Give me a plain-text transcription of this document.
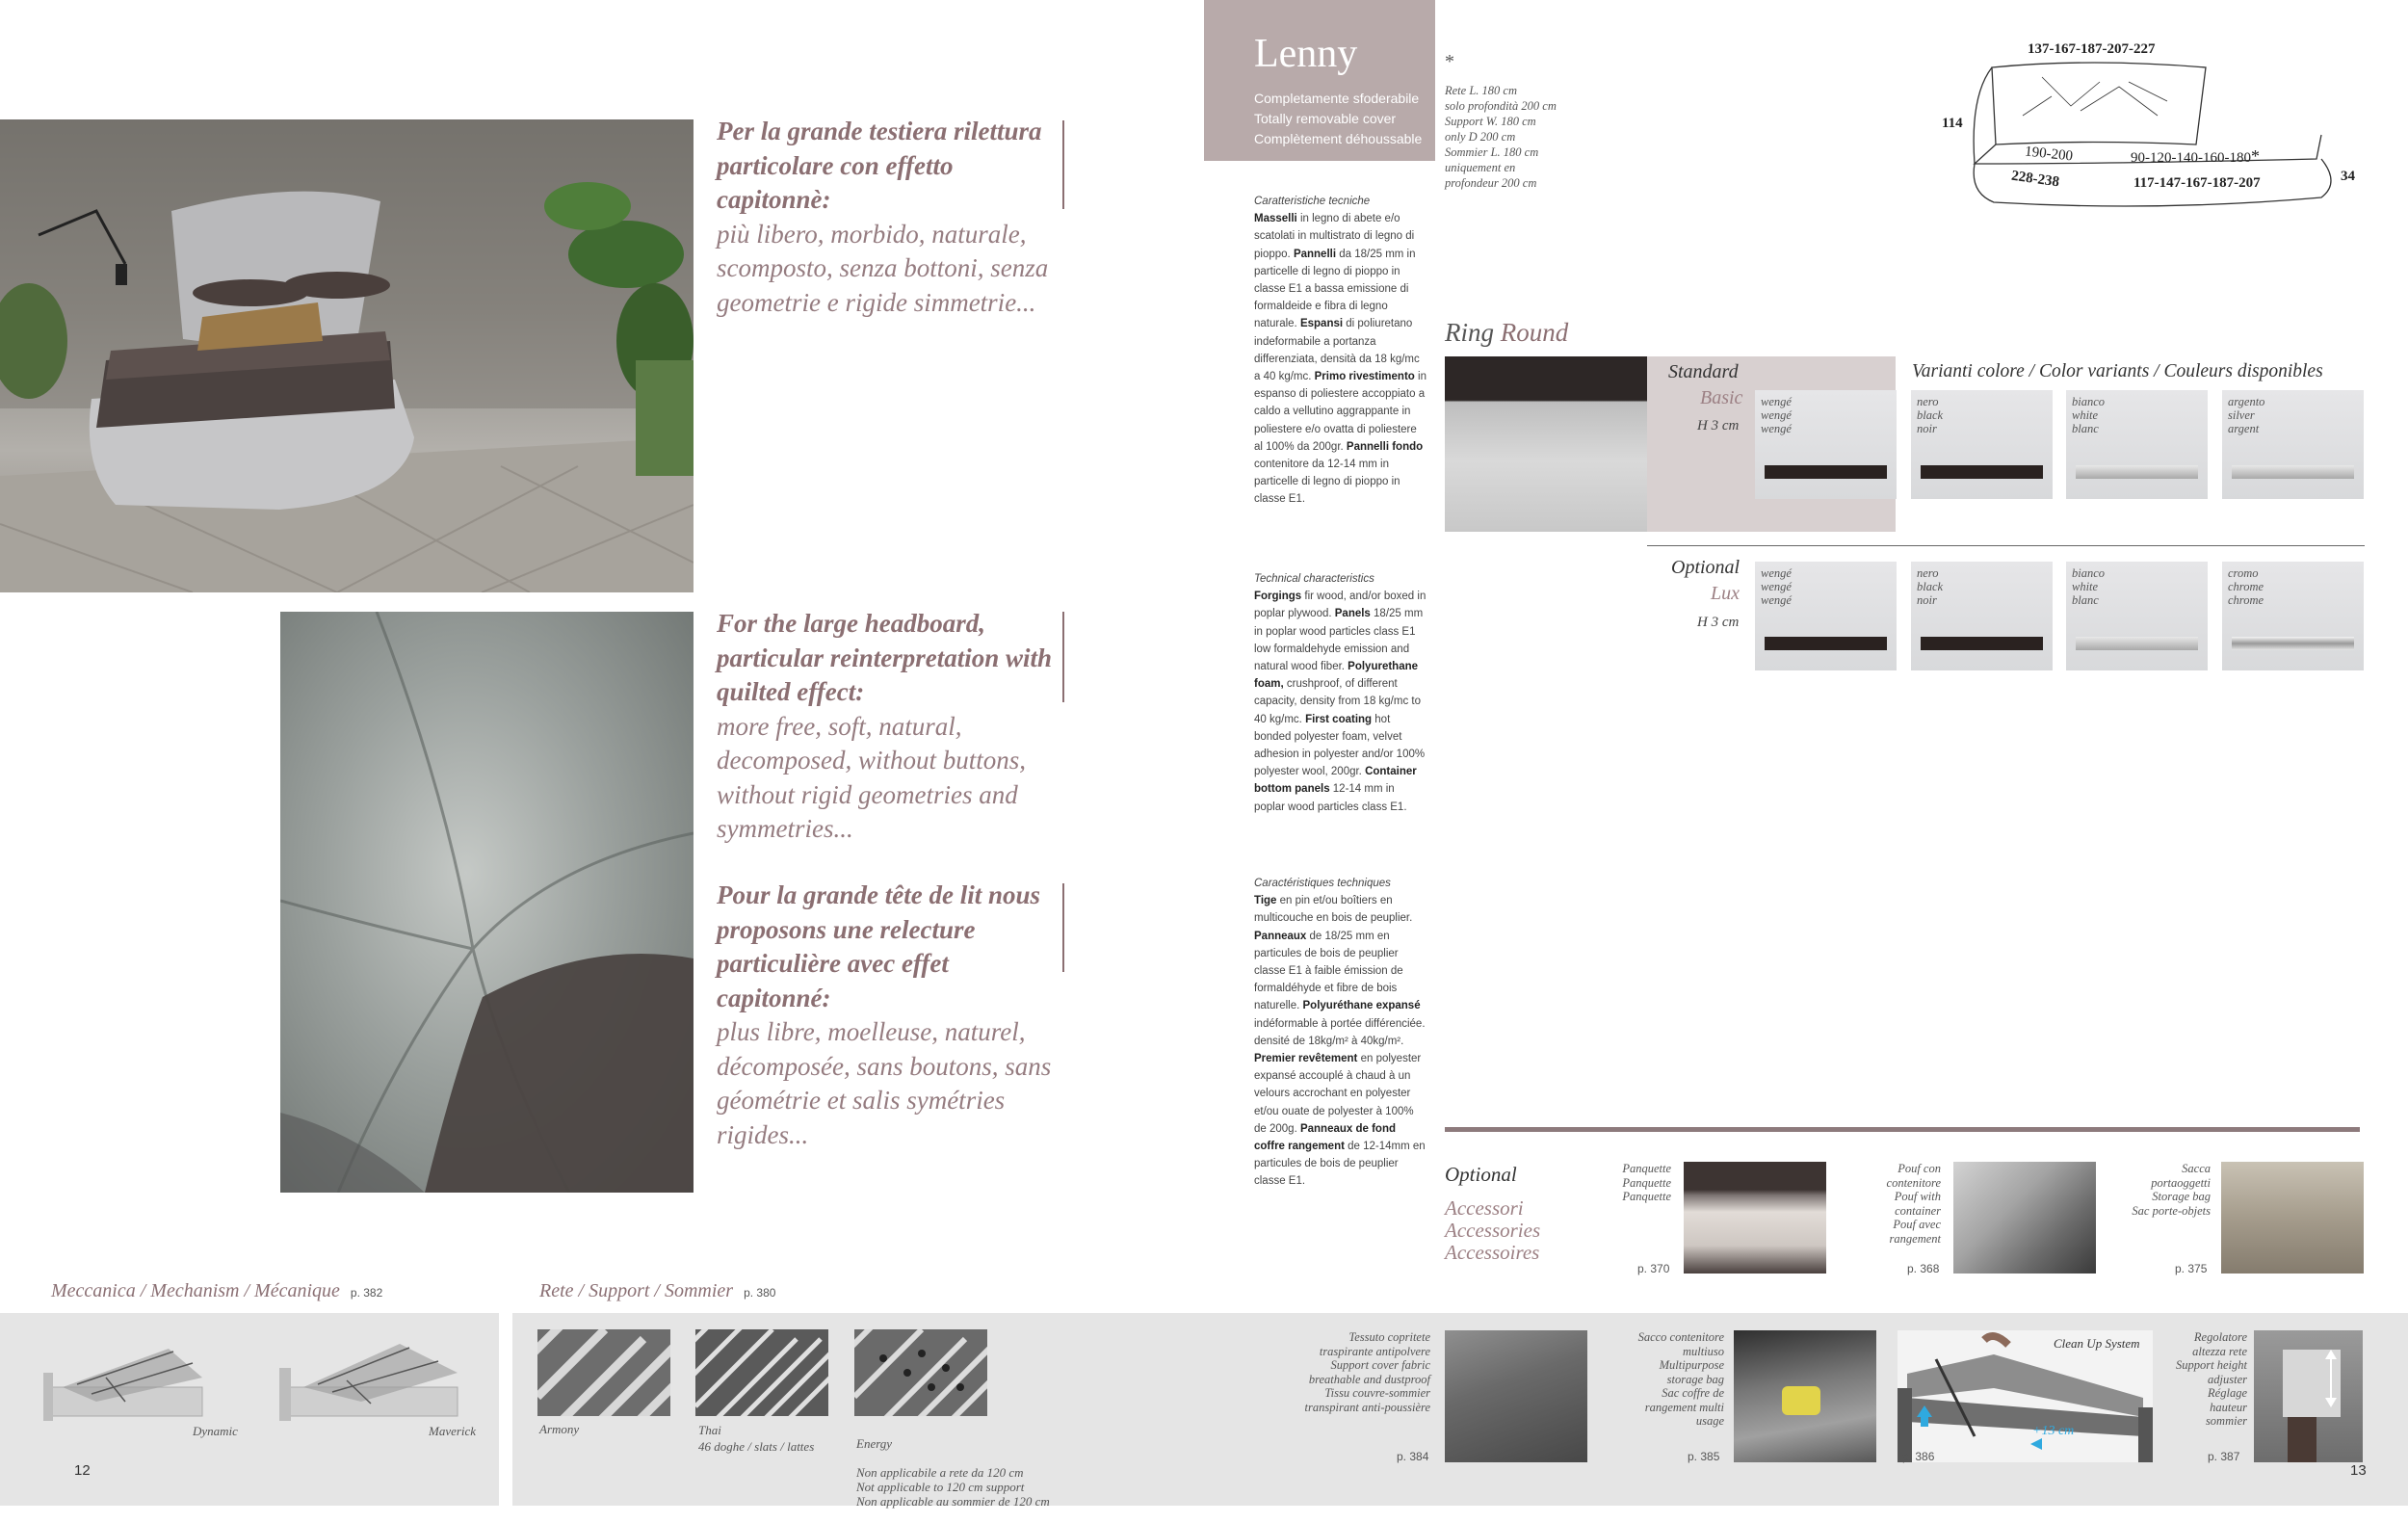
Per la grande testiera rilettura particolare con effetto capitonnè:
più libero, morbido, naturale, scomposto, senza bottoni, senza geometrie e rigide simmetrie...
For the large headboard, particular reinterpretation with quilted effect:
more free, soft, natural, decomposed, without buttons, without rigid geometries and symmetries...
Pour la grande tête de lit nous proposons une relecture particulière avec effet capitonné:
plus libre, moelleuse, naturel, décomposée, sans boutons, sans géométrie et salis symétries rigides...
Meccanica / Mechanism / Mécanique p. 382	Rete / Support / Sommier p. 380
Dynamic	Maverick
12
Armony	Thai
46 doghe / slats / lattes	Energy

Non applicabile a rete da 120 cm
Not applicable to 120 cm support
Non applicable au sommier de 120 cm

Lenny
Completamente sfoderabile
Totally removable cover
Complètement déhoussable

*

Rete L. 180 cm
solo profondità 200 cm
Support W. 180 cm
only D 200 cm
Sommier L. 180 cm
uniquement en
profondeur 200 cm

137-167-187-207-227
114
190-200	90-120-140-160-180*
228-238	117-147-167-187-207	34
Caratteristiche tecniche
Masselli in legno di abete e/o scatolati in multistrato di legno di pioppo. Pannelli da 18/25 mm in particelle di legno di pioppo in classe E1 a bassa emissione di formaldeide e fibra di legno naturale. Espansi di poliuretano indeformabile a portanza differenziata, densità da 18 kg/mc a 40 kg/mc. Primo rivestimento in espanso di poliestere accoppiato a caldo a vellutino aggrappante in poliestere e/o ovatta di poliestere al 100% da 200gr. Pannelli fondo contenitore da 12-14 mm in particelle di legno di pioppo in classe E1.
Technical characteristics
Forgings fir wood, and/or boxed in poplar plywood. Panels 18/25 mm in poplar wood particles class E1 low formaldehyde emission and natural wood fiber. Polyurethane foam, crushproof, of different capacity, density from 18 kg/mc to 40 kg/mc. First coating hot bonded polyester foam, velvet adhesion in polyester and/or 100% polyester wool, 200gr. Container bottom panels 12-14 mm in poplar wood particles class E1.
Caractéristiques techniques
Tige en pin et/ou boîtiers en multicouche en bois de peuplier. Panneaux de 18/25 mm en particules de bois de peuplier classe E1 à faible émission de formaldéhyde et fibre de bois naturelle. Polyuréthane expansé indéformable à portée différenciée. densité de 18kg/m² à 40kg/m². Premier revêtement en polyester expansé accouplé à chaud à un velours accrochant en polyester et/ou ouate de polyester à 100% de 200g. Panneaux de fond coffre rangement de 12-14mm en particules de bois de peuplier classe E1.
Ring Round
Standard
Basic
H 3 cm
Varianti colore / Color variants / Couleurs disponibles
wengé
wengé
wengé
nero
black
noir
bianco
white
blanc
argento
silver
argent
Optional
Lux
H 3 cm
wengé
wengé
wengé
nero
black
noir
bianco
white
blanc
cromo
chrome
chrome
Optional
Accessori
Accessories
Accessoires
Panquette
Panquette
Panquette
p. 370
Pouf con
contenitore
Pouf with
container
Pouf avec
rangement
p. 368
Sacca
portaoggetti
Storage bag
Sac porte-objets
p. 375
Tessuto copritete
traspirante antipolvere
Support cover fabric
breathable and dustproof
Tissu couvre-sommier
transpirant anti-poussière
p. 384
Sacco contenitore
multiuso
Multipurpose
storage bag
Sac coffre de
rangement multi
usage
p. 385
Clean Up System
+13 cm
p. 386
Regolatore
altezza rete
Support height
adjuster
Réglage
hauteur
sommier
p. 387
13
